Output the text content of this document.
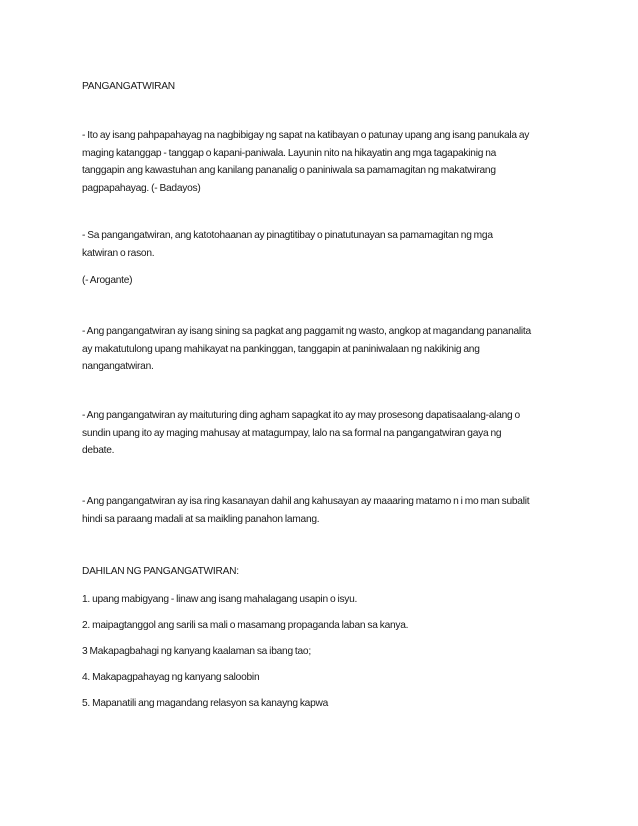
PANGANGATWIRAN

- Ito ay isang pahpapahayag na nagbibigay ng sapat na katibayan o patunay upang ang isang panukala ay
maging katanggap - tanggap o kapani-paniwala. Layunin nito na hikayatin ang mga tagapakinig na
tanggapin ang kawastuhan ang kanilang pananalig o paniniwala sa pamamagitan ng makatwirang
pagpapahayag. (- Badayos)

- Sa pangangatwiran, ang katotohaanan ay pinagtitibay o pinatutunayan sa pamamagitan ng mga
katwiran o rason.

(- Arogante)

- Ang pangangatwiran ay isang sining sa pagkat ang paggamit ng wasto, angkop at magandang pananalita
ay makatutulong upang mahikayat na pankinggan, tanggapin at paniniwalaan ng nakikinig ang
nangangatwiran.

- Ang pangangatwiran ay maituturing ding agham sapagkat ito ay may prosesong dapatisaalang-alang o
sundin upang ito ay maging mahusay at matagumpay, lalo na sa formal na pangangatwiran gaya ng
debate.

- Ang pangangatwiran ay isa ring kasanayan dahil ang kahusayan ay maaaring matamo n i mo man subalit
hindi sa paraang madali at sa maikling panahon lamang.

DAHILAN NG PANGANGATWIRAN:

1. upang mabigyang - linaw ang isang mahalagang usapin o isyu.

2. maipagtanggol ang sarili sa mali o masamang propaganda laban sa kanya.

3 Makapagbahagi ng kanyang kaalaman sa ibang tao;

4. Makapagpahayag ng kanyang saloobin

5. Mapanatili ang magandang relasyon sa kanayng kapwa
